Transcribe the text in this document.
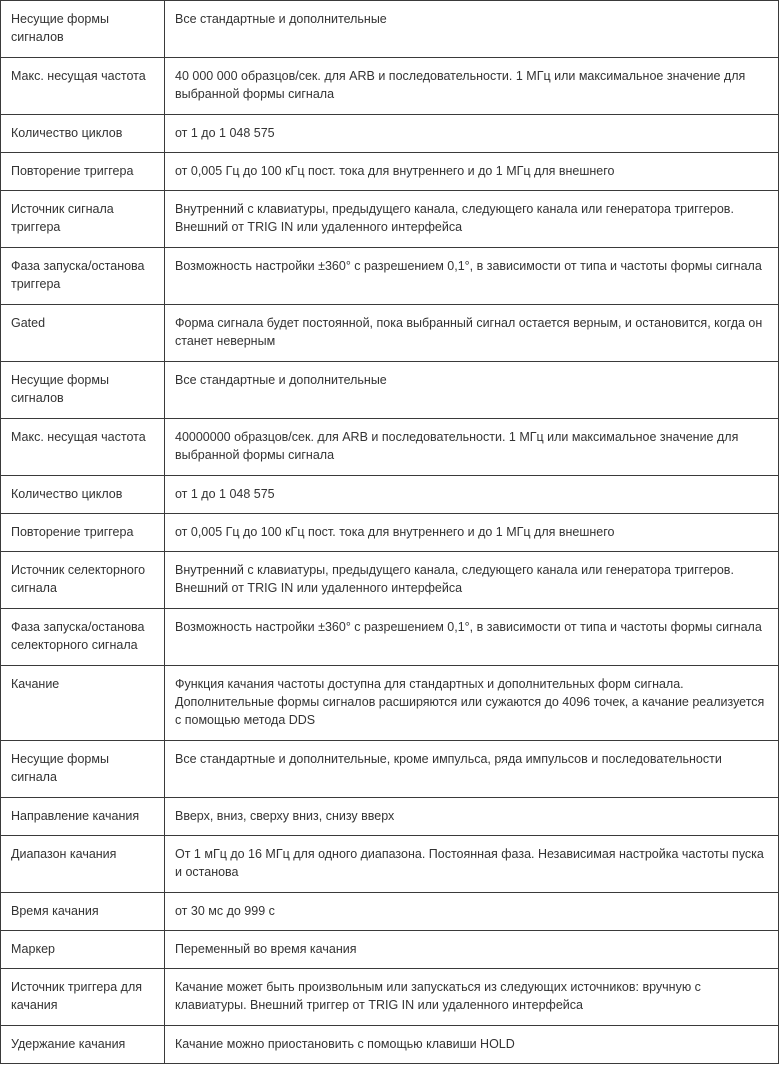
Несущие формы сигналов	Все стандартные и дополнительные
Макс. несущая частота	40 000 000 образцов/сек. для ARB и последовательности. 1 МГц или максимальное значение для выбранной формы сигнала
Количество циклов	от 1 до 1 048 575
Повторение триггера	от 0,005 Гц до 100 кГц пост. тока для внутреннего и до 1 МГц для внешнего
Источник сигнала триггера	Внутренний с клавиатуры, предыдущего канала, следующего канала или генератора триггеров. Внешний от TRIG IN или удаленного интерфейса
Фаза запуска/останова триггера	Возможность настройки ±360° с разрешением 0,1°, в зависимости от типа и частоты формы сигнала
Gated	Форма сигнала будет постоянной, пока выбранный сигнал остается верным, и остановится, когда он станет неверным
Несущие формы сигналов	Все стандартные и дополнительные
Макс. несущая частота	40000000 образцов/сек. для ARB и последовательности. 1 МГц или максимальное значение для выбранной формы сигнала
Количество циклов	от 1 до 1 048 575
Повторение триггера	от 0,005 Гц до 100 кГц пост. тока для внутреннего и до 1 МГц для внешнего
Источник селекторного сигнала	Внутренний с клавиатуры, предыдущего канала, следующего канала или генератора триггеров. Внешний от TRIG IN или удаленного интерфейса
Фаза запуска/останова селекторного сигнала	Возможность настройки ±360° с разрешением 0,1°, в зависимости от типа и частоты формы сигнала
Качание	Функция качания частоты доступна для стандартных и дополнительных форм сигнала. Дополнительные формы сигналов расширяются или сужаются до 4096 точек, а качание реализуется с помощью метода DDS
Несущие формы сигнала	Все стандартные и дополнительные, кроме импульса, ряда импульсов и последовательности
Направление качания	Вверх, вниз, сверху вниз, снизу вверх
Диапазон качания	От 1 мГц до 16 МГц для одного диапазона. Постоянная фаза. Независимая настройка частоты пуска и останова
Время качания	от 30 мс до 999 с
Маркер	Переменный во время качания
Источник триггера для качания	Качание может быть произвольным или запускаться из следующих источников: вручную с клавиатуры. Внешний триггер от TRIG IN или удаленного интерфейса
Удержание качания	Качание можно приостановить с помощью клавиши HOLD
